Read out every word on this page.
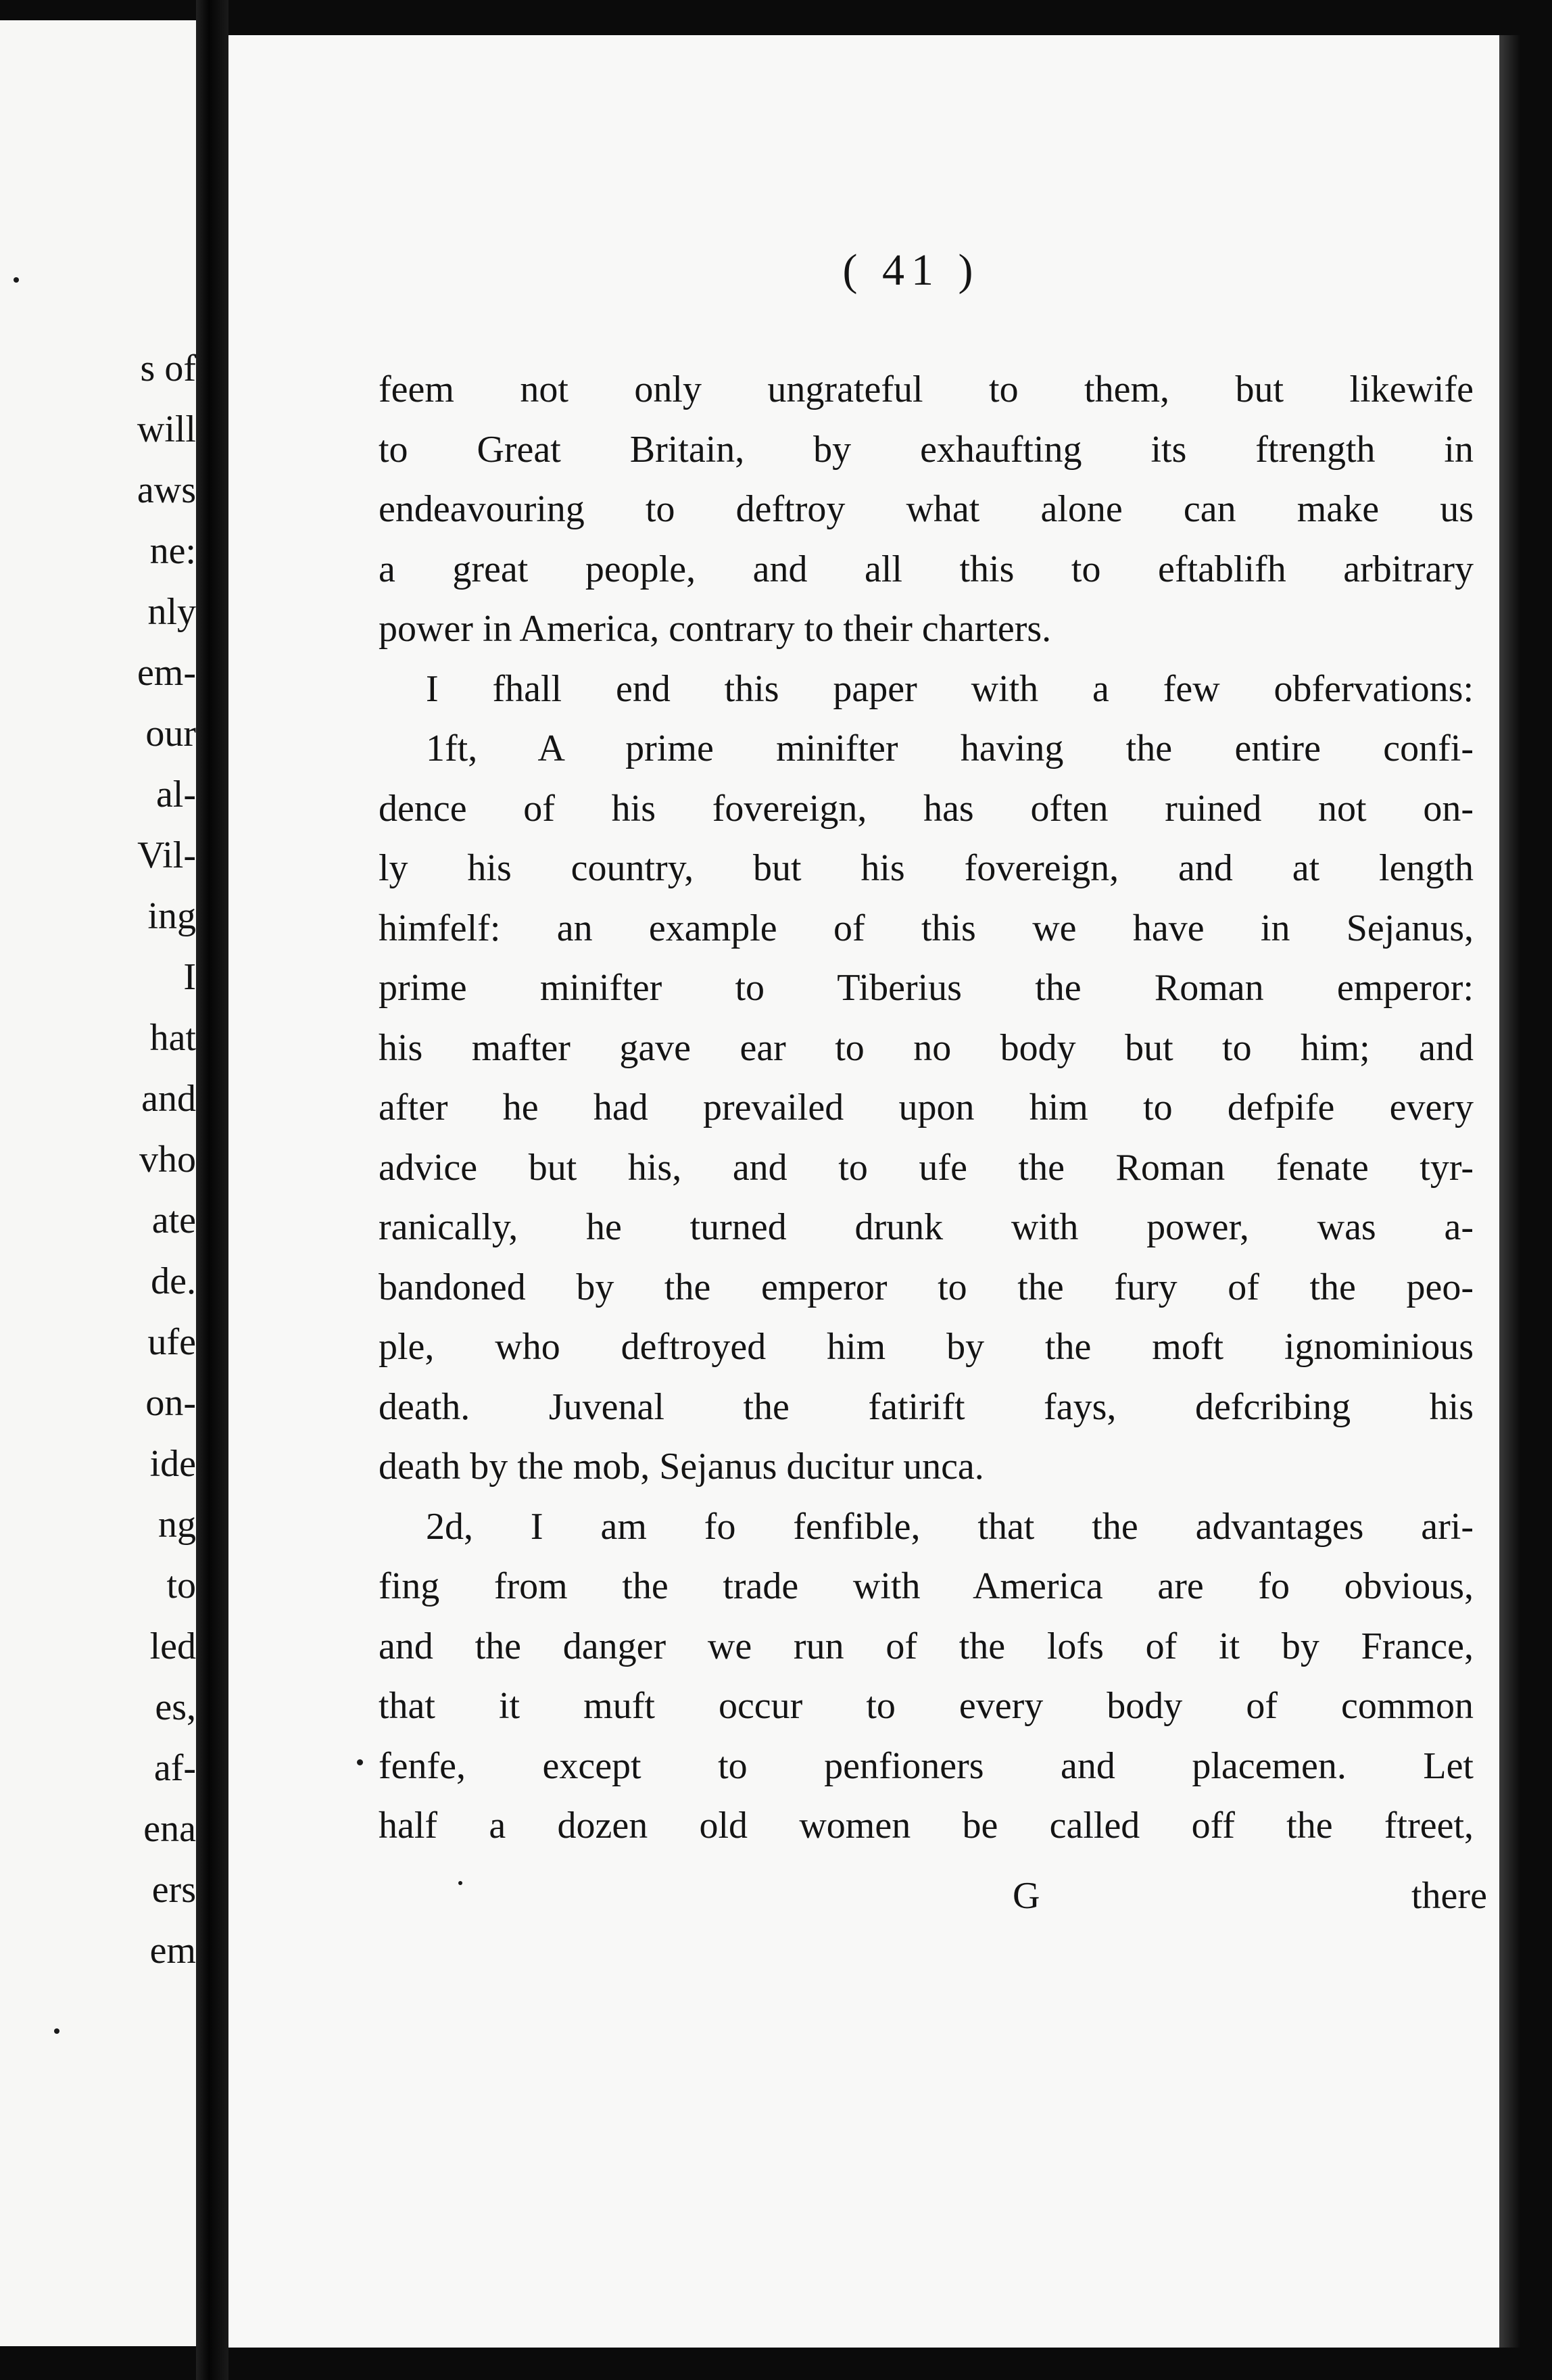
s of
will
aws
ne:
nly
em-
our
al-
Vil-
ing
I
hat
and
vho
ate
de.
ufe
on-
ide
ng
to
led
es,
af-
ena
ers
em
( 41 )
feem not only ungrateful to them, but likewife
to Great Britain, by exhaufting its ftrength in
endeavouring to deftroy what alone can make us
a great people, and all this to eftablifh arbitrary
power in America, contrary to their charters.
I fhall end this paper with a few obfervations:
1ft, A prime minifter having the entire confi-
dence of his fovereign, has often ruined not on-
ly his country, but his fovereign, and at length
himfelf: an example of this we have in Sejanus,
prime minifter to Tiberius the Roman emperor:
his mafter gave ear to no body but to him; and
after he had prevailed upon him to defpife every
advice but his, and to ufe the Roman fenate tyr-
ranically, he turned drunk with power, was a-
bandoned by the emperor to the fury of the peo-
ple, who deftroyed him by the moft ignominious
death. Juvenal the fatirift fays, defcribing his
death by the mob, Sejanus ducitur unca.
2d, I am fo fenfible, that the advantages ari-
fing from the trade with America are fo obvious,
and the danger we run of the lofs of it by France,
that it muft occur to every body of common
fenfe, except to penfioners and placemen. Let
half a dozen old women be called off the ftreet,
G	there
